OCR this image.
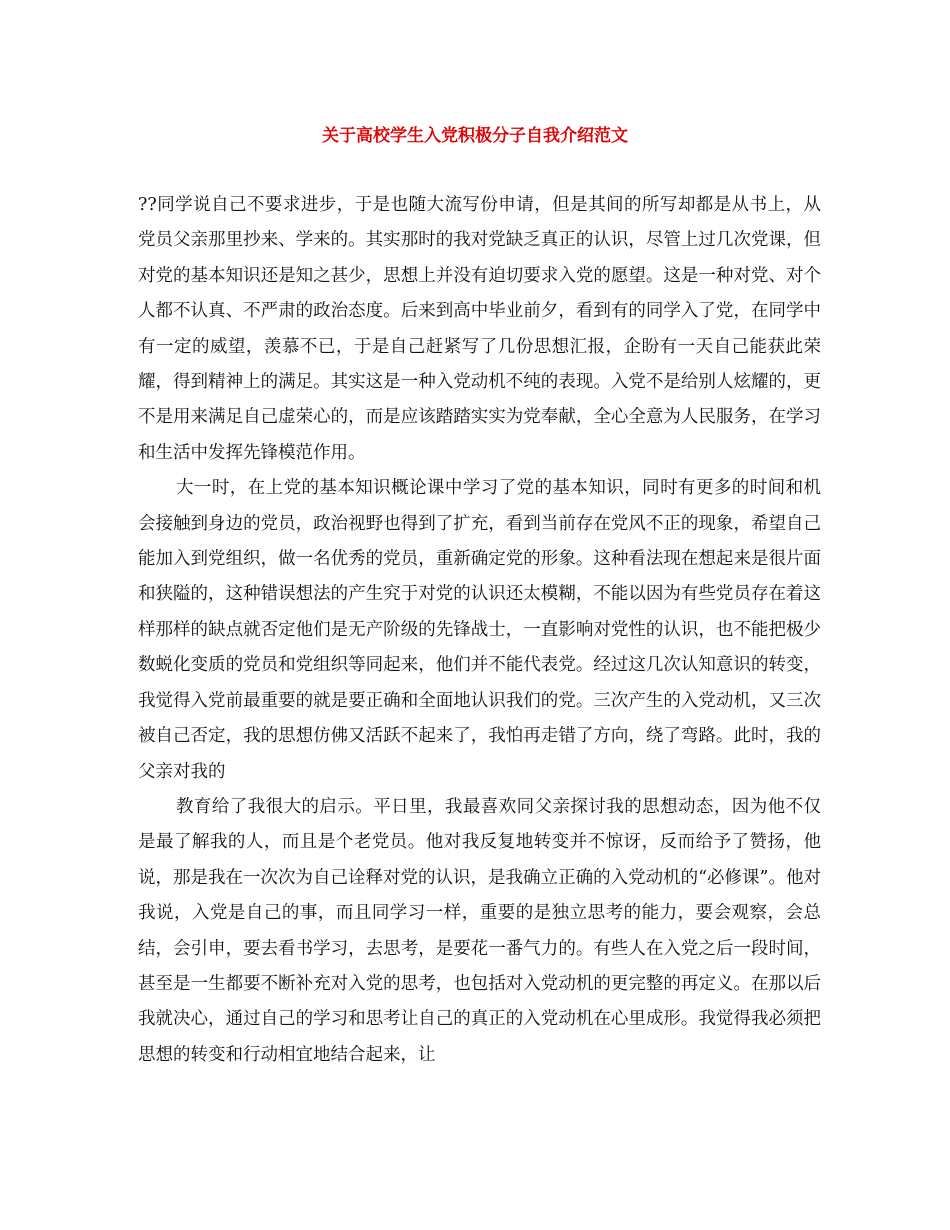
关于高校学生入党积极分子自我介绍范文

??同学说自己不要求进步，于是也随大流写份申请，但是其间的所写却都是从书上，从党员父亲那里抄来、学来的。其实那时的我对党缺乏真正的认识，尽管上过几次党课，但对党的基本知识还是知之甚少，思想上并没有迫切要求入党的愿望。这是一种对党、对个人都不认真、不严肃的政治态度。后来到高中毕业前夕，看到有的同学入了党，在同学中有一定的威望，羡慕不已，于是自己赶紧写了几份思想汇报，企盼有一天自己能获此荣耀，得到精神上的满足。其实这是一种入党动机不纯的表现。入党不是给别人炫耀的，更不是用来满足自己虚荣心的，而是应该踏踏实实为党奉献，全心全意为人民服务，在学习和生活中发挥先锋模范作用。

大一时，在上党的基本知识概论课中学习了党的基本知识，同时有更多的时间和机会接触到身边的党员，政治视野也得到了扩充，看到当前存在党风不正的现象，希望自己能加入到党组织，做一名优秀的党员，重新确定党的形象。这种看法现在想起来是很片面和狭隘的，这种错误想法的产生究于对党的认识还太模糊，不能以因为有些党员存在着这样那样的缺点就否定他们是无产阶级的先锋战士，一直影响对党性的认识，也不能把极少数蜕化变质的党员和党组织等同起来，他们并不能代表党。经过这几次认知意识的转变，我觉得入党前最重要的就是要正确和全面地认识我们的党。三次产生的入党动机，又三次被自己否定，我的思想仿佛又活跃不起来了，我怕再走错了方向，绕了弯路。此时，我的父亲对我的

教育给了我很大的启示。平日里，我最喜欢同父亲探讨我的思想动态，因为他不仅是最了解我的人，而且是个老党员。他对我反复地转变并不惊讶，反而给予了赞扬，他说，那是我在一次次为自己诠释对党的认识，是我确立正确的入党动机的“必修课”。他对我说，入党是自己的事，而且同学习一样，重要的是独立思考的能力，要会观察，会总结，会引申，要去看书学习，去思考，是要花一番气力的。有些人在入党之后一段时间，甚至是一生都要不断补充对入党的思考，也包括对入党动机的更完整的再定义。在那以后我就决心，通过自己的学习和思考让自己的真正的入党动机在心里成形。我觉得我必须把思想的转变和行动相宜地结合起来，让
